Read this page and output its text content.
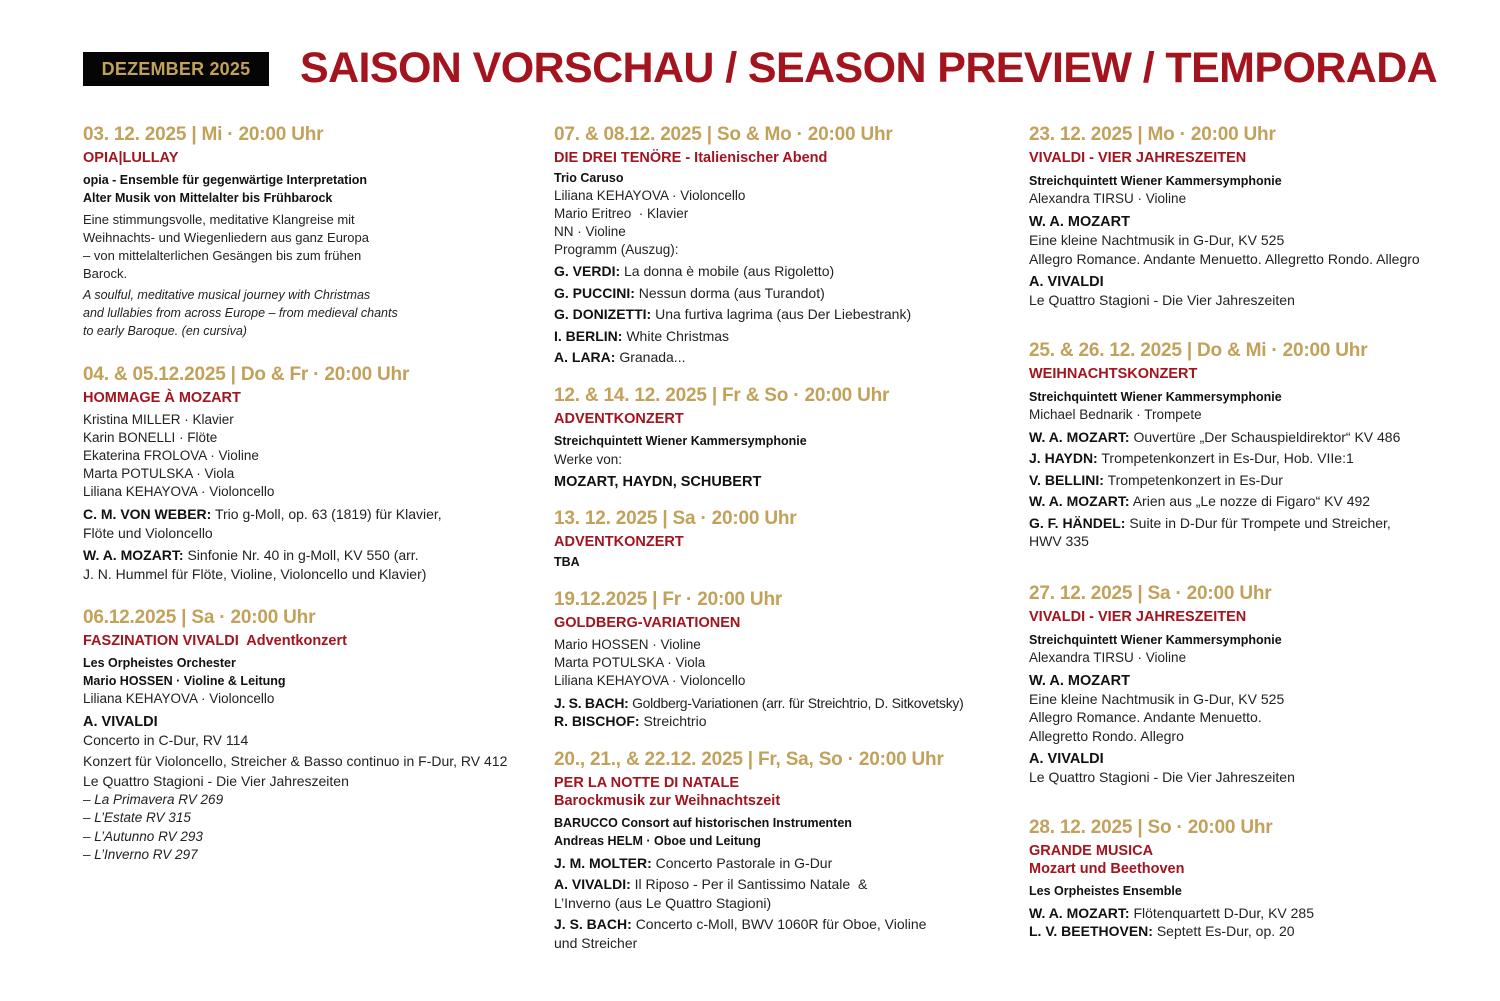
DEZEMBER 2025	SAISON VORSCHAU / SEASON PREVIEW / TEMPORADA
03. 12. 2025 | Mi · 20:00 Uhr
OPIA|LULLAY
opia - Ensemble für gegenwärtige Interpretation
Alter Musik von Mittelalter bis Frühbarock
Eine stimmungsvolle, meditative Klangreise mit
Weihnachts- und Wiegenliedern aus ganz Europa
– von mittelalterlichen Gesängen bis zum frühen
Barock.
A soulful, meditative musical journey with Christmas
and lullabies from across Europe – from medieval chants
to early Baroque. (en cursiva)
04. & 05.12.2025 | Do & Fr · 20:00 Uhr
HOMMAGE À MOZART
Kristina MILLER · Klavier
Karin BONELLI · Flöte
Ekaterina FROLOVA · Violine
Marta POTULSKA · Viola
Liliana KEHAYOVA · Violoncello
C. M. VON WEBER: Trio g-Moll, op. 63 (1819) für Klavier,
Flöte und Violoncello
W. A. MOZART: Sinfonie Nr. 40 in g-Moll, KV 550 (arr.
J. N. Hummel für Flöte, Violine, Violoncello und Klavier)
06.12.2025 | Sa · 20:00 Uhr
FASZINATION VIVALDI  Adventkonzert
Les Orpheistes Orchester
Mario HOSSEN · Violine & Leitung
Liliana KEHAYOVA · Violoncello
A. VIVALDI
Concerto in C-Dur, RV 114
Konzert für Violoncello, Streicher & Basso continuo in F-Dur, RV 412
Le Quattro Stagioni - Die Vier Jahreszeiten
– La Primavera RV 269
– L’Estate RV 315
– L’Autunno RV 293
– L’Inverno RV 297
07. & 08.12. 2025 | So & Mo · 20:00 Uhr
DIE DREI TENÖRE - Italienischer Abend
Trio Caruso
Liliana KEHAYOVA · Violoncello
Mario Eritreo  · Klavier
NN · Violine
Programm (Auszug):
G. VERDI: La donna è mobile (aus Rigoletto)
G. PUCCINI: Nessun dorma (aus Turandot)
G. DONIZETTI: Una furtiva lagrima (aus Der Liebestrank)
I. BERLIN: White Christmas
A. LARA: Granada...
12. & 14. 12. 2025 | Fr & So · 20:00 Uhr
ADVENTKONZERT
Streichquintett Wiener Kammersymphonie
Werke von:
MOZART, HAYDN, SCHUBERT
13. 12. 2025 | Sa · 20:00 Uhr
ADVENTKONZERT
TBA
19.12.2025 | Fr · 20:00 Uhr
GOLDBERG-VARIATIONEN
Mario HOSSEN · Violine
Marta POTULSKA · Viola
Liliana KEHAYOVA · Violoncello
J. S. BACH: Goldberg-Variationen (arr. für Streichtrio, D. Sitkovetsky)
R. BISCHOF: Streichtrio
20., 21., & 22.12. 2025 | Fr, Sa, So · 20:00 Uhr
PER LA NOTTE DI NATALE
Barockmusik zur Weihnachtszeit
BARUCCO Consort auf historischen Instrumenten
Andreas HELM · Oboe und Leitung
J. M. MOLTER: Concerto Pastorale in G-Dur
A. VIVALDI: Il Riposo - Per il Santissimo Natale  &
L’Inverno (aus Le Quattro Stagioni)
J. S. BACH: Concerto c-Moll, BWV 1060R für Oboe, Violine
und Streicher
23. 12. 2025 | Mo · 20:00 Uhr
VIVALDI - VIER JAHRESZEITEN
Streichquintett Wiener Kammersymphonie
Alexandra TIRSU · Violine
W. A. MOZART
Eine kleine Nachtmusik in G-Dur, KV 525
Allegro Romance. Andante Menuetto. Allegretto Rondo. Allegro
A. VIVALDI
Le Quattro Stagioni - Die Vier Jahreszeiten
25. & 26. 12. 2025 | Do & Mi · 20:00 Uhr
WEIHNACHTSKONZERT
Streichquintett Wiener Kammersymphonie
Michael Bednarik · Trompete
W. A. MOZART: Ouvertüre „Der Schauspieldirektor“ KV 486
J. HAYDN: Trompetenkonzert in Es-Dur, Hob. VIIe:1
V. BELLINI: Trompetenkonzert in Es-Dur
W. A. MOZART: Arien aus „Le nozze di Figaro“ KV 492
G. F. HÄNDEL: Suite in D-Dur für Trompete und Streicher,
HWV 335
27. 12. 2025 | Sa · 20:00 Uhr
VIVALDI - VIER JAHRESZEITEN
Streichquintett Wiener Kammersymphonie
Alexandra TIRSU · Violine
W. A. MOZART
Eine kleine Nachtmusik in G-Dur, KV 525
Allegro Romance. Andante Menuetto.
Allegretto Rondo. Allegro
A. VIVALDI
Le Quattro Stagioni - Die Vier Jahreszeiten
28. 12. 2025 | So · 20:00 Uhr
GRANDE MUSICA
Mozart und Beethoven
Les Orpheistes Ensemble
W. A. MOZART: Flötenquartett D-Dur, KV 285
L. V. BEETHOVEN: Septett Es-Dur, op. 20
